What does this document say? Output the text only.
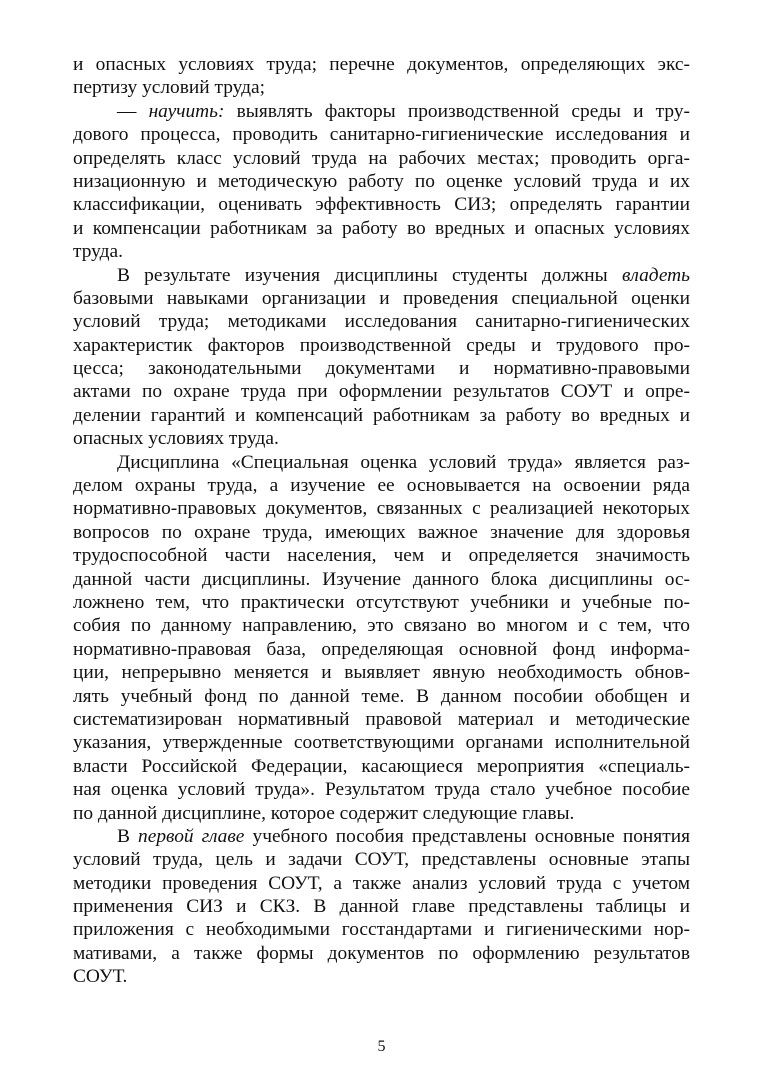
и опасных условиях труда; перечне документов, определяющих экс-
пертизу условий труда;
— научить: выявлять факторы производственной среды и тру-
дового процесса, проводить санитарно-гигиенические исследования и
определять класс условий труда на рабочих местах; проводить орга-
низационную и методическую работу по оценке условий труда и их
классификации, оценивать эффективность СИЗ; определять гарантии
и компенсации работникам за работу во вредных и опасных условиях
труда.
В результате изучения дисциплины студенты должны владеть
базовыми навыками организации и проведения специальной оценки
условий труда; методиками исследования санитарно-гигиенических
характеристик факторов производственной среды и трудового про-
цесса; законодательными документами и нормативно-правовыми
актами по охране труда при оформлении результатов СОУТ и опре-
делении гарантий и компенсаций работникам за работу во вредных и
опасных условиях труда.
Дисциплина «Специальная оценка условий труда» является раз-
делом охраны труда, а изучение ее основывается на освоении ряда
нормативно-правовых документов, связанных с реализацией некоторых
вопросов по охране труда, имеющих важное значение для здоровья
трудоспособной части населения, чем и определяется значимость
данной части дисциплины. Изучение данного блока дисциплины ос-
ложнено тем, что практически отсутствуют учебники и учебные по-
собия по данному направлению, это связано во многом и с тем, что
нормативно-правовая база, определяющая основной фонд информа-
ции, непрерывно меняется и выявляет явную необходимость обнов-
лять учебный фонд по данной теме. В данном пособии обобщен и
систематизирован нормативный правовой материал и методические
указания, утвержденные соответствующими органами исполнительной
власти Российской Федерации, касающиеся мероприятия «специаль-
ная оценка условий труда». Результатом труда стало учебное пособие
по данной дисциплине, которое содержит следующие главы.
В первой главе учебного пособия представлены основные понятия
условий труда, цель и задачи СОУТ, представлены основные этапы
методики проведения СОУТ, а также анализ условий труда с учетом
применения СИЗ и СКЗ. В данной главе представлены таблицы и
приложения с необходимыми госстандартами и гигиеническими нор-
мативами, а также формы документов по оформлению результатов
СОУТ.
5
